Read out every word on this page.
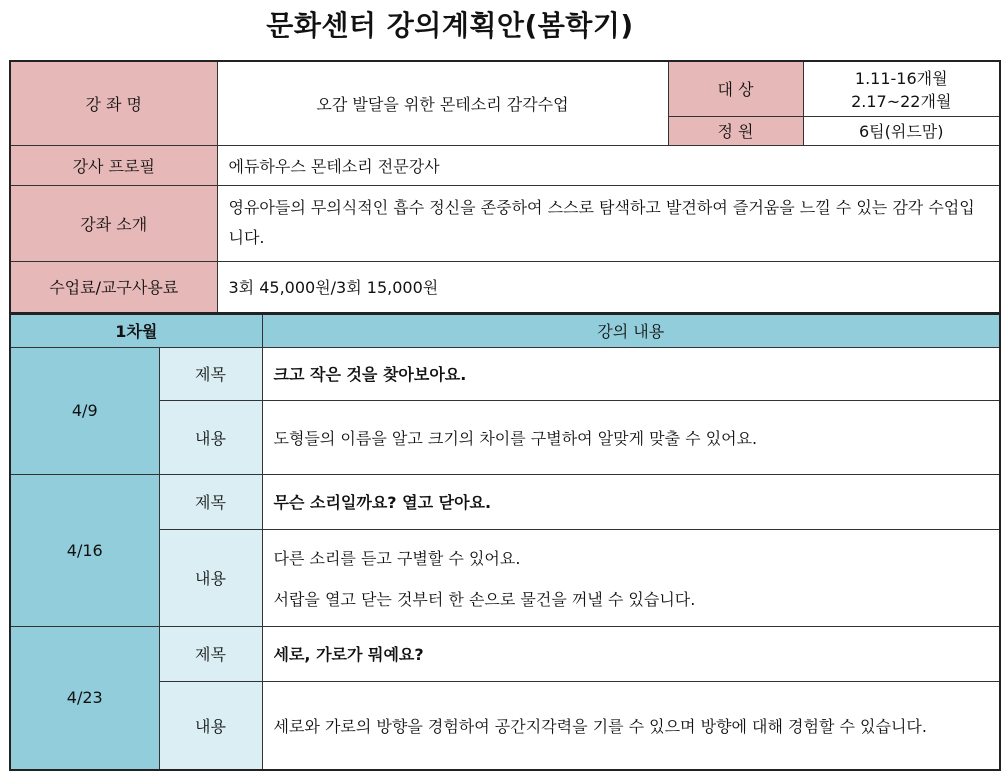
문화센터 강의계획안(봄학기)
강 좌 명	오감 발달을 위한 몬테소리 감각수업	대 상	1.11-16개월
2.17~22개월

		정 원	6팀(위드맘)
강사 프로필	에듀하우스 몬테소리 전문강사		
강좌 소개	영유아들의 무의식적인 흡수 정신을 존중하여 스스로 탐색하고 발견하여 즐거움을 느낄 수 있는 감각 수업입니다.		
수업료/교구사용료	3회 45,000원/3회 15,000원		
1차월		강의 내용
4/9	제목	크고 작은 것을 찾아보아요.
	내용	도형들의 이름을 알고 크기의 차이를 구별하여 알맞게 맞출 수 있어요.

4/16	제목	무슨 소리일까요? 열고 닫아요.
	내용	다른 소리를 듣고 구별할 수 있어요.
서랍을 열고 닫는 것부터 한 손으로 물건을 꺼낼 수 있습니다.

4/23	제목	세로, 가로가 뭐예요?
	내용	세로와 가로의 방향을 경험하여 공간지각력을 기를 수 있으며 방향에 대해 경험할 수 있습니다.
